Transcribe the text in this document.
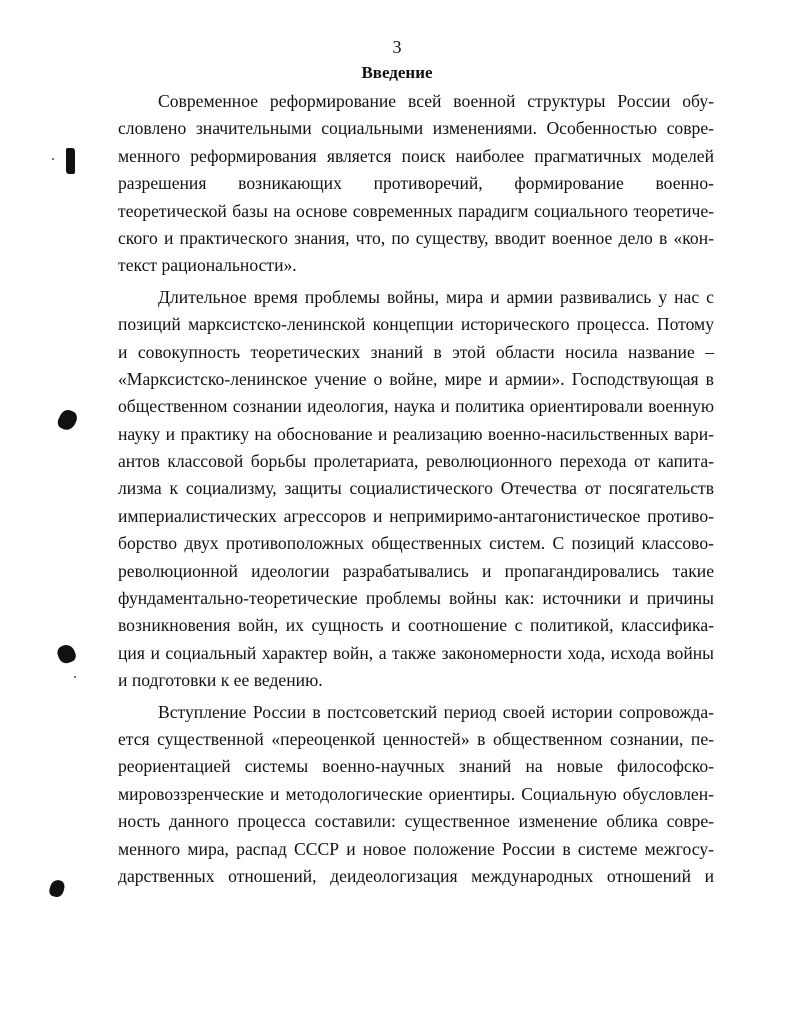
3
Введение
Современное реформирование всей военной структуры России обу-
словлено значительными социальными изменениями. Особенностью совре-
менного реформирования является поиск наиболее прагматичных моделей
разрешения возникающих противоречий, формирование военно-
теоретической базы на основе современных парадигм социального теоретиче-
ского и практического знания, что, по существу, вводит военное дело в «кон-
текст рациональности».
Длительное время проблемы войны, мира и армии развивались у нас с
позиций марксистско-ленинской концепции исторического процесса. Потому
и совокупность теоретических знаний в этой области носила название –
«Марксистско-ленинское учение о войне, мире и армии». Господствующая в
общественном сознании идеология, наука и политика ориентировали военную
науку и практику на обоснование и реализацию военно-насильственных вари-
антов классовой борьбы пролетариата, революционного перехода от капита-
лизма к социализму, защиты социалистического Отечества от посягательств
империалистических агрессоров и непримиримо-антагонистическое противо-
борство двух противоположных общественных систем. С позиций классово-
революционной идеологии разрабатывались и пропагандировались такие
фундаментально-теоретические проблемы войны как: источники и причины
возникновения войн, их сущность и соотношение с политикой, классифика-
ция и социальный характер войн, а также закономерности хода, исхода войны
и подготовки к ее ведению.
Вступление России в постсоветский период своей истории сопровожда-
ется существенной «переоценкой ценностей» в общественном сознании, пе-
реориентацией системы военно-научных знаний на новые философско-
мировоззренческие и методологические ориентиры. Социальную обусловлен-
ность данного процесса составили: существенное изменение облика совре-
менного мира, распад СССР и новое положение России в системе межгосу-
дарственных отношений, деидеологизация международных отношений и
